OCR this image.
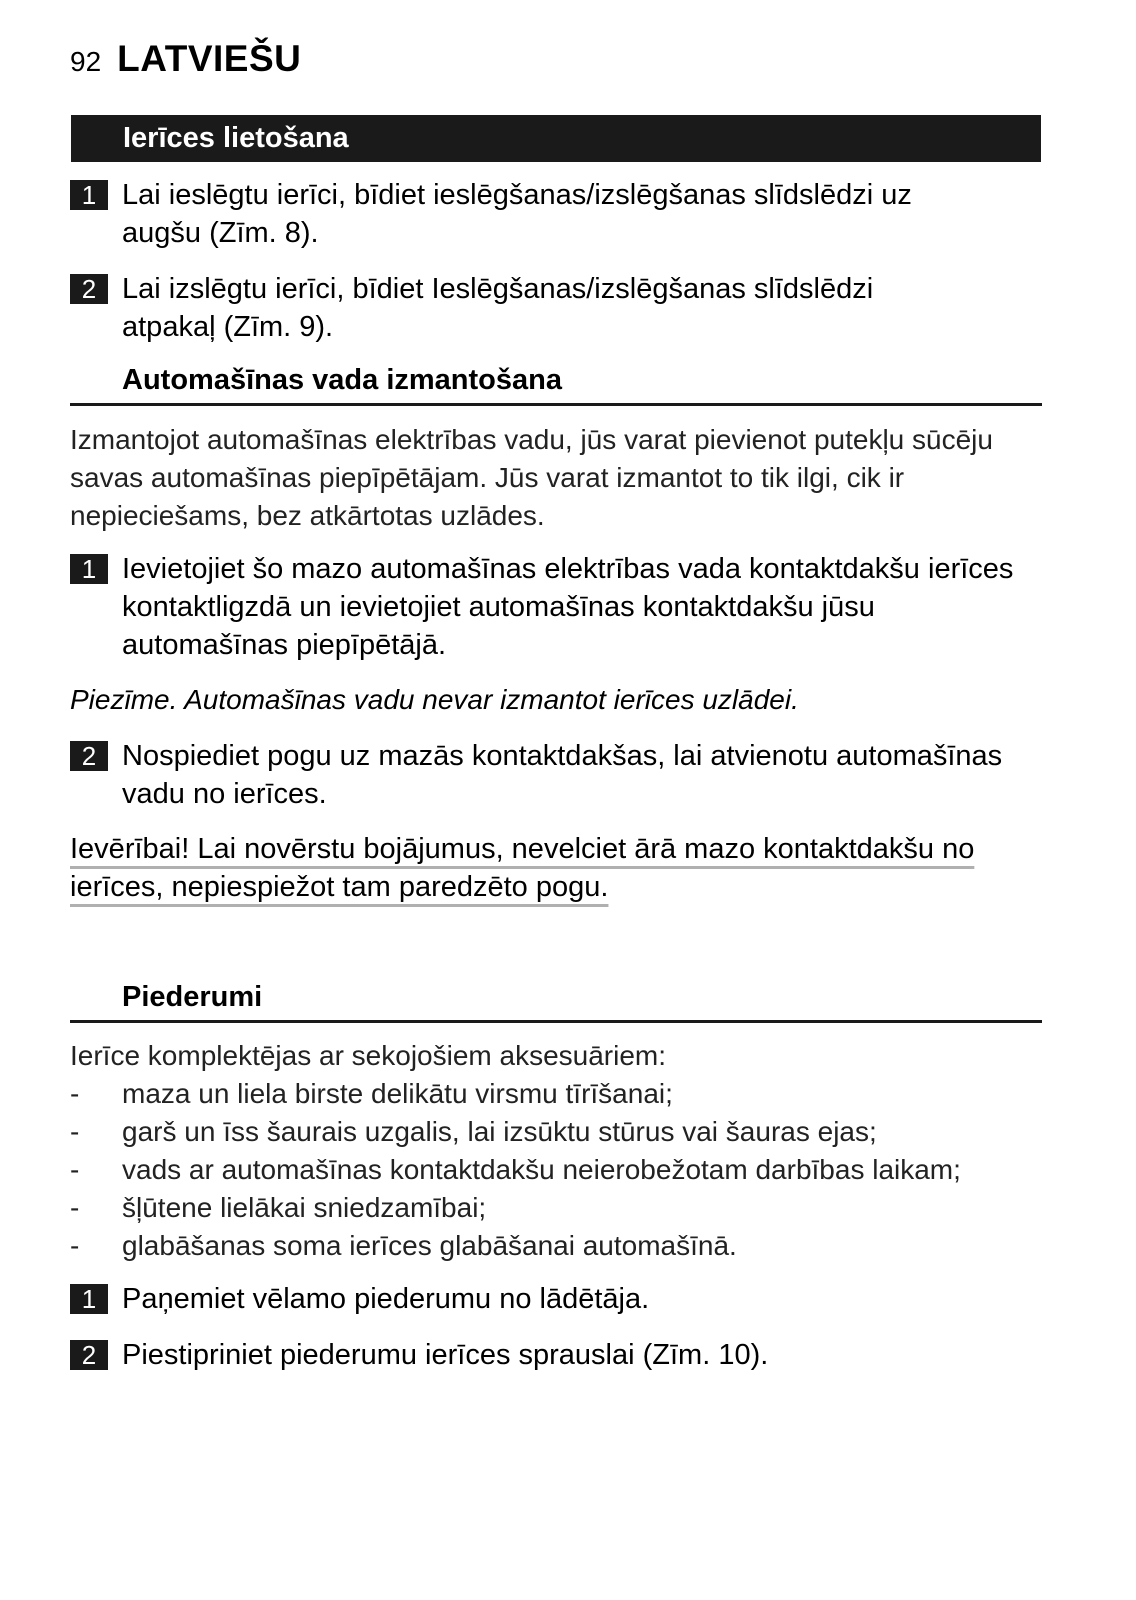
92 LATVIEŠU
Ierīces lietošana
1 Lai ieslēgtu ierīci, bīdiet ieslēgšanas/izslēgšanas slīdslēdzi uz augšu (Zīm. 8).
2 Lai izslēgtu ierīci, bīdiet Ieslēgšanas/izslēgšanas slīdslēdzi atpakaļ (Zīm. 9).
Automašīnas vada izmantošana
Izmantojot automašīnas elektrības vadu, jūs varat pievienot putekļu sūcēju savas automašīnas piepīpētājam. Jūs varat izmantot to tik ilgi, cik ir nepieciešams, bez atkārtotas uzlādes.
1 Ievietojiet šo mazo automašīnas elektrības vada kontaktdakšu ierīces kontaktligzdā un ievietojiet automašīnas kontaktdakšu jūsu automašīnas piepīpētājā.
Piezīme. Automašīnas vadu nevar izmantot ierīces uzlādei.
2 Nospiediet pogu uz mazās kontaktdakšas, lai atvienotu automašīnas vadu no ierīces.
Ievērībai! Lai novērstu bojājumus, nevelciet ārā mazo kontaktdakšu no
ierīces, nepiespiežot tam paredzēto pogu.
Piederumi
Ierīce komplektējas ar sekojošiem aksesuāriem:
- maza un liela birste delikātu virsmu tīrīšanai;
- garš un īss šaurais uzgalis, lai izsūktu stūrus vai šauras ejas;
- vads ar automašīnas kontaktdakšu neierobežotam darbības laikam;
- šļūtene lielākai sniedzamībai;
- glabāšanas soma ierīces glabāšanai automašīnā.
1 Paņemiet vēlamo piederumu no lādētāja.
2 Piestipriniet piederumu ierīces sprauslai (Zīm. 10).
